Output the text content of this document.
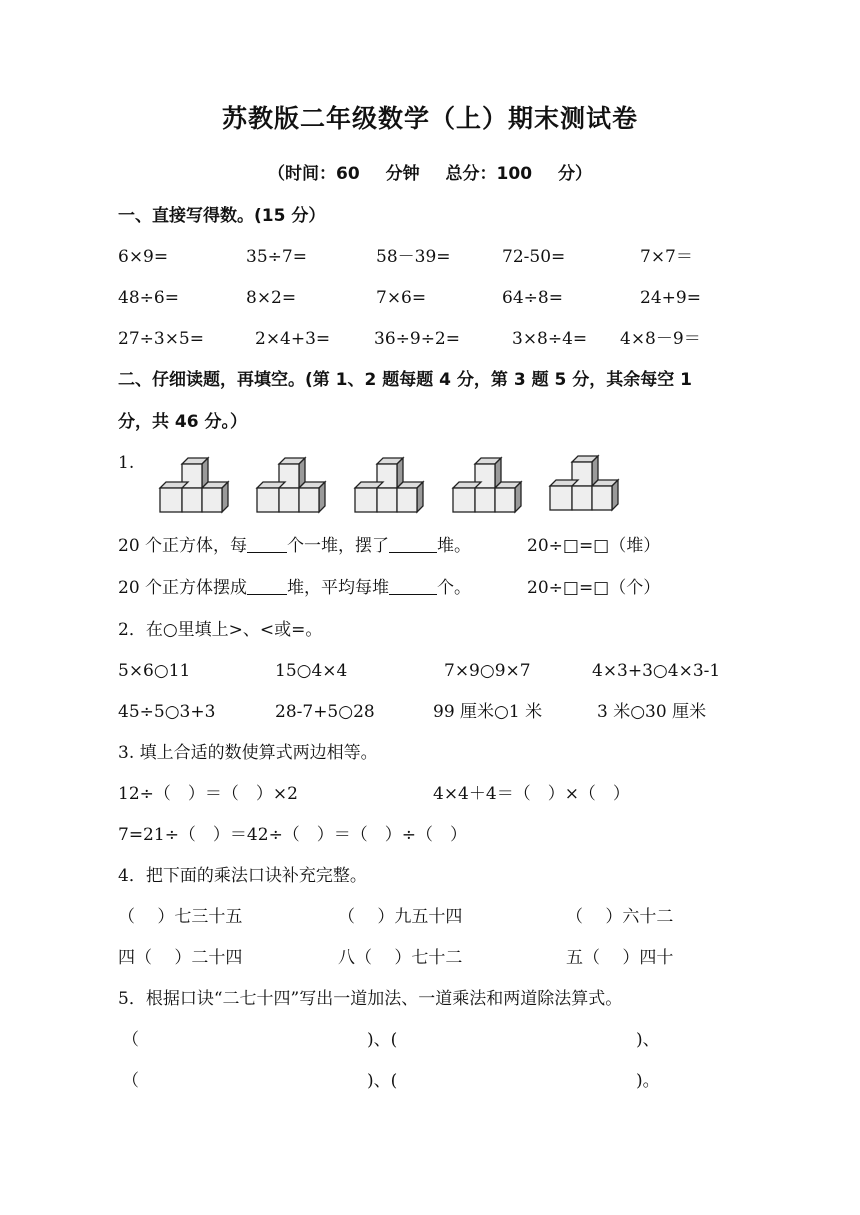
苏教版二年级数学（上）期末测试卷
（时间：60 分钟 总分：100 分）
一、直接写得数。(15 分）
6×9=	35÷7=	58－39=	72-50=	7×7＝
48÷6=	8×2=	7×6=	64÷8=	24+9=
27÷3×5=	2×4+3=	36÷9÷2=	3×8÷4= 4×8－9＝
二、仔细读题，再填空。(第 1、2 题每题 4 分，第 3 题 5 分，其余每空 1
分，共 46 分。）
1.
20 个正方体，每 个一堆，摆了	堆。	20÷□=□（堆）
20 个正方体摆成 堆，平均每堆	个。	20÷□=□（个）
2．在○里填上>、<或=。
5×6○11	15○4×4	7×9○9×7	4×3+3○4×3-1
45÷5○3+3	28-7+5○28	99 厘米○1 米	3 米○30 厘米
3. 填上合适的数使算式两边相等。
12÷（　）＝（　）×2	4×4＋4＝（　）×（　）
7=21÷（　）＝42÷（　）＝（　）÷（　）
4．把下面的乘法口诀补充完整。
（　 ）七三十五	（　 ）九五十四	（　 ）六十二
四（　 ）二十四	八（　 ）七十二	五（　 ）四十
5．根据口诀“二七十四”写出一道加法、一道乘法和两道除法算式。
（	)、(	)、
（	)、(	)。
